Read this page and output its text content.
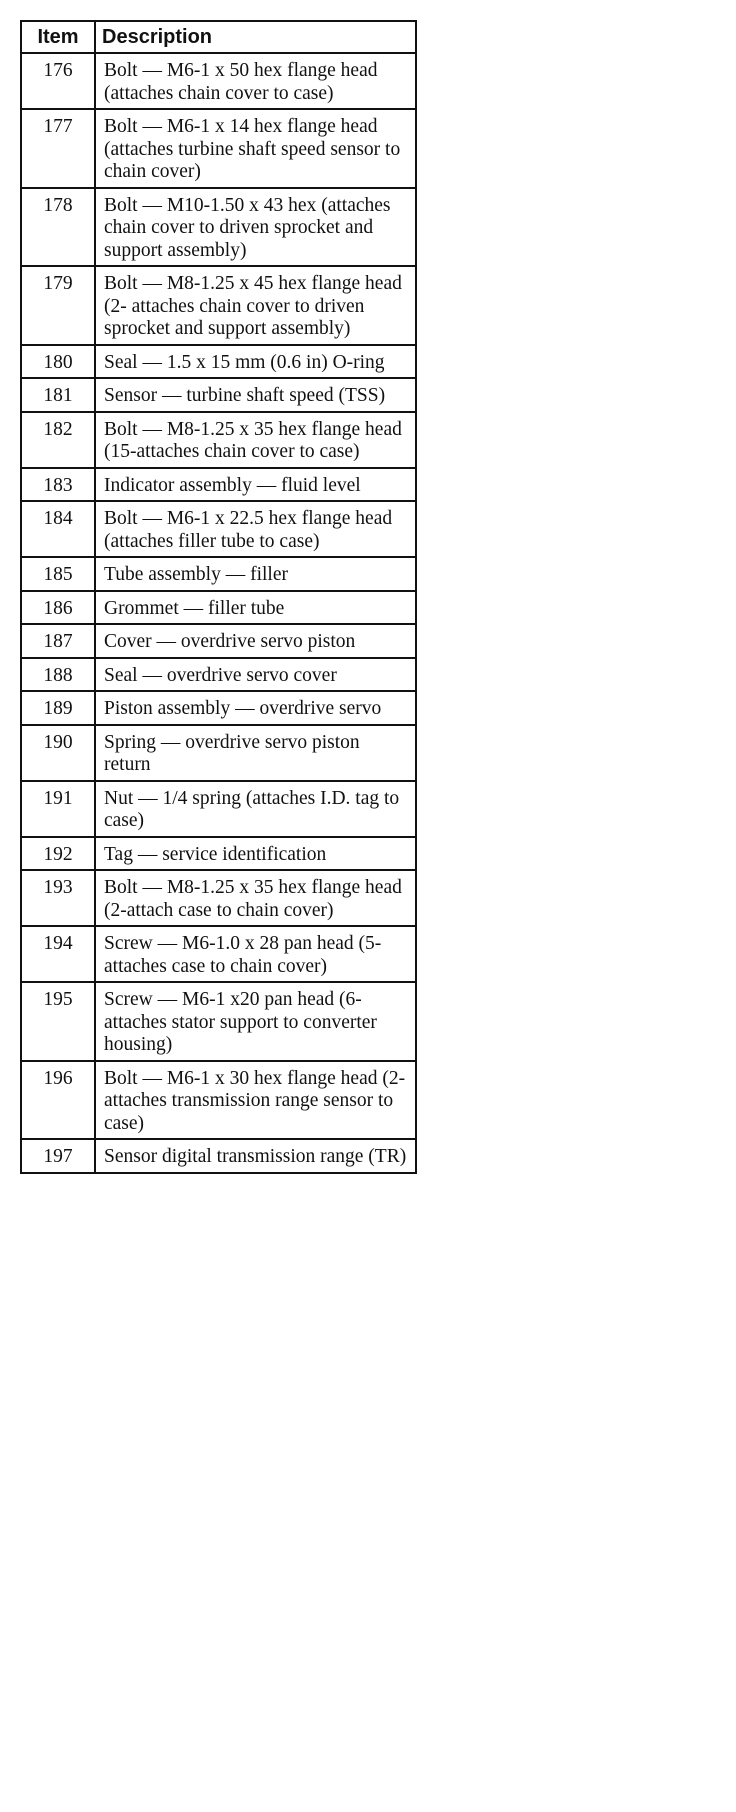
Item	Description
176	Bolt — M6-1 x 50 hex flange head (attaches chain cover to case)
177	Bolt — M6-1 x 14 hex flange head (attaches turbine shaft speed sensor to chain cover)
178	Bolt — M10-1.50 x 43 hex (attaches chain cover to driven sprocket and support assembly)
179	Bolt — M8-1.25 x 45 hex flange head (2- attaches chain cover to driven sprocket and support assembly)
180	Seal — 1.5 x 15 mm (0.6 in) O-ring
181	Sensor — turbine shaft speed (TSS)
182	Bolt — M8-1.25 x 35 hex flange head (15-attaches chain cover to case)
183	Indicator assembly — fluid level
184	Bolt — M6-1 x 22.5 hex flange head (attaches filler tube to case)
185	Tube assembly — filler
186	Grommet — filler tube
187	Cover — overdrive servo piston
188	Seal — overdrive servo cover
189	Piston assembly — overdrive servo
190	Spring — overdrive servo piston return
191	Nut — 1/4 spring (attaches I.D. tag to case)
192	Tag — service identification
193	Bolt — M8-1.25 x 35 hex flange head (2-attach case to chain cover)
194	Screw — M6-1.0 x 28 pan head (5-attaches case to chain cover)
195	Screw — M6-1 x20 pan head (6-attaches stator support to converter housing)
196	Bolt — M6-1 x 30 hex flange head (2-attaches transmission range sensor to case)
197	Sensor digital transmission range (TR)
